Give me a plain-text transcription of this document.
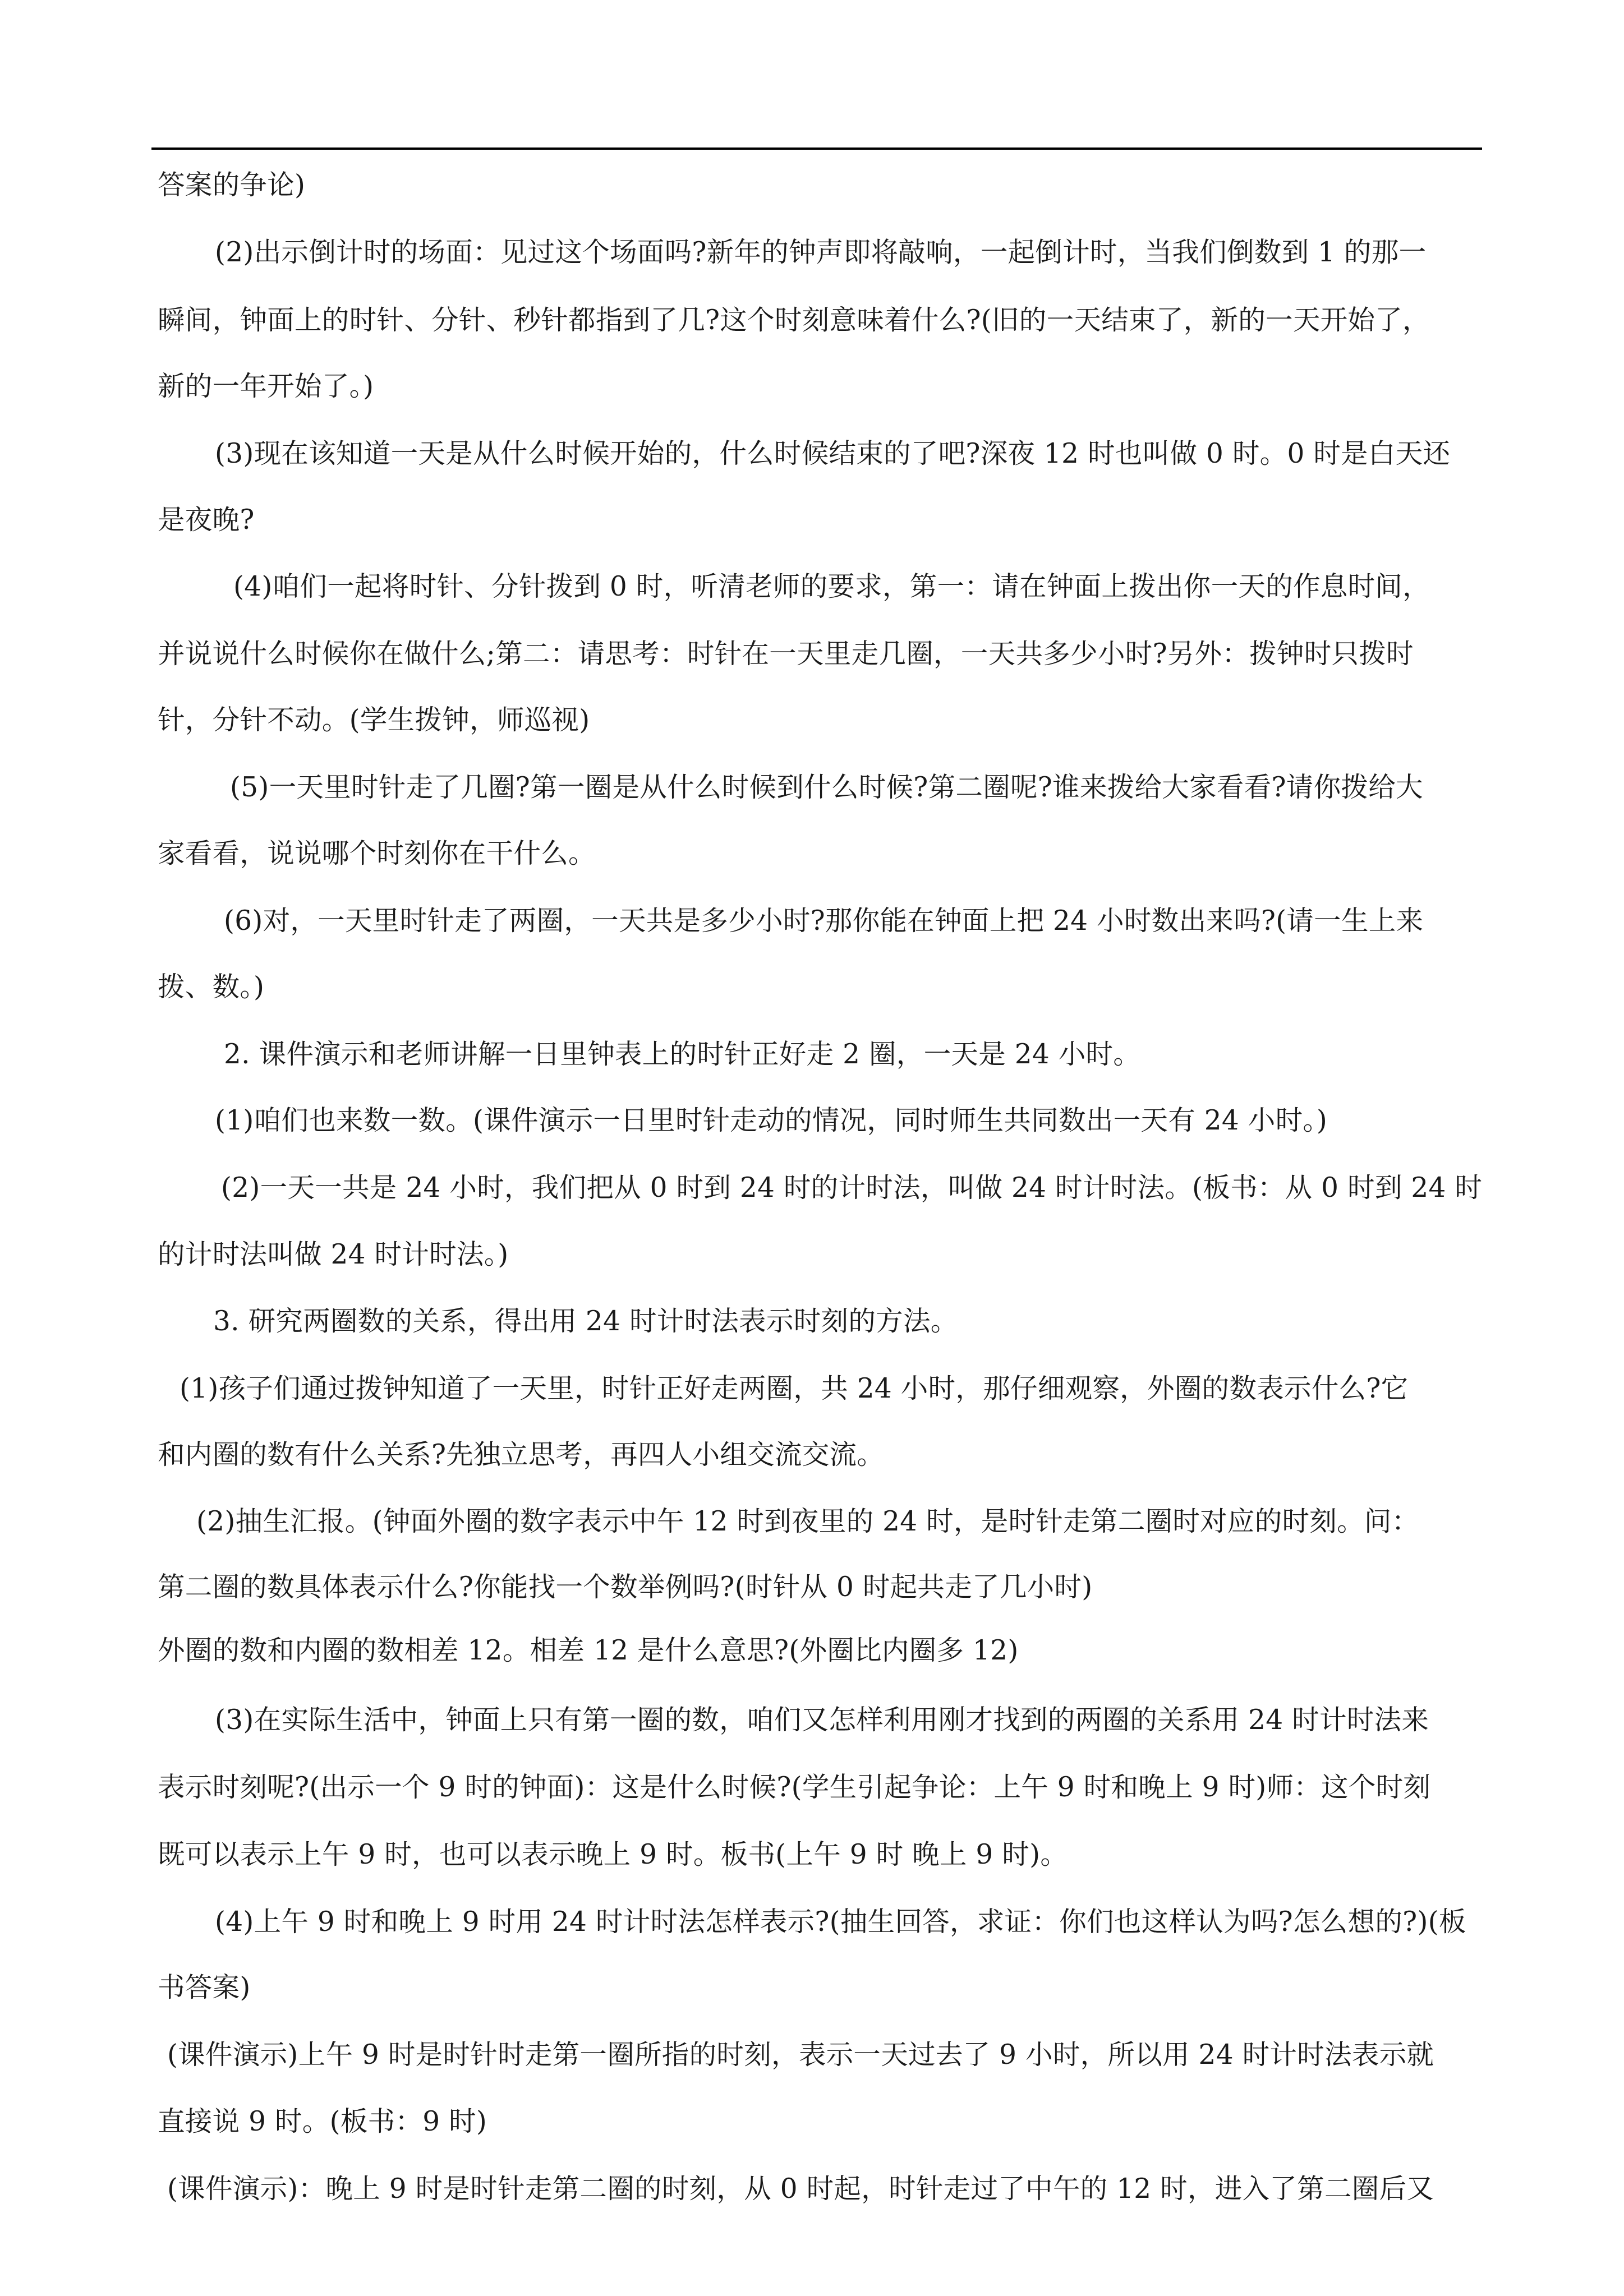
答案的争论)
(2)出示倒计时的场面：见过这个场面吗?新年的钟声即将敲响，一起倒计时，当我们倒数到 1 的那一
瞬间，钟面上的时针、分针、秒针都指到了几?这个时刻意味着什么?(旧的一天结束了，新的一天开始了，
新的一年开始了。)
(3)现在该知道一天是从什么时候开始的，什么时候结束的了吧?深夜 12 时也叫做 0 时。0 时是白天还
是夜晚?
(4)咱们一起将时针、分针拨到 0 时，听清老师的要求，第一：请在钟面上拨出你一天的作息时间，
并说说什么时候你在做什么;第二：请思考：时针在一天里走几圈，一天共多少小时?另外：拨钟时只拨时
针，分针不动。(学生拨钟，师巡视)
(5)一天里时针走了几圈?第一圈是从什么时候到什么时候?第二圈呢?谁来拨给大家看看?请你拨给大
家看看，说说哪个时刻你在干什么。
(6)对，一天里时针走了两圈，一天共是多少小时?那你能在钟面上把 24 小时数出来吗?(请一生上来
拨、数。)
2. 课件演示和老师讲解一日里钟表上的时针正好走 2 圈，一天是 24 小时。
(1)咱们也来数一数。(课件演示一日里时针走动的情况，同时师生共同数出一天有 24 小时。)
(2)一天一共是 24 小时，我们把从 0 时到 24 时的计时法，叫做 24 时计时法。(板书：从 0 时到 24 时
的计时法叫做 24 时计时法。)
3. 研究两圈数的关系，得出用 24 时计时法表示时刻的方法。
(1)孩子们通过拨钟知道了一天里，时针正好走两圈，共 24 小时，那仔细观察，外圈的数表示什么?它
和内圈的数有什么关系?先独立思考，再四人小组交流交流。
(2)抽生汇报。(钟面外圈的数字表示中午 12 时到夜里的 24 时，是时针走第二圈时对应的时刻。问：
第二圈的数具体表示什么?你能找一个数举例吗?(时针从 0 时起共走了几小时)
外圈的数和内圈的数相差 12。相差 12 是什么意思?(外圈比内圈多 12)
(3)在实际生活中，钟面上只有第一圈的数，咱们又怎样利用刚才找到的两圈的关系用 24 时计时法来
表示时刻呢?(出示一个 9 时的钟面)：这是什么时候?(学生引起争论：上午 9 时和晚上 9 时)师：这个时刻
既可以表示上午 9 时，也可以表示晚上 9 时。板书(上午 9 时 晚上 9 时)。
(4)上午 9 时和晚上 9 时用 24 时计时法怎样表示?(抽生回答，求证：你们也这样认为吗?怎么想的?)(板
书答案)
(课件演示)上午 9 时是时针时走第一圈所指的时刻，表示一天过去了 9 小时，所以用 24 时计时法表示就
直接说 9 时。(板书：9 时)
(课件演示)：晚上 9 时是时针走第二圈的时刻，从 0 时起，时针走过了中午的 12 时，进入了第二圈后又
